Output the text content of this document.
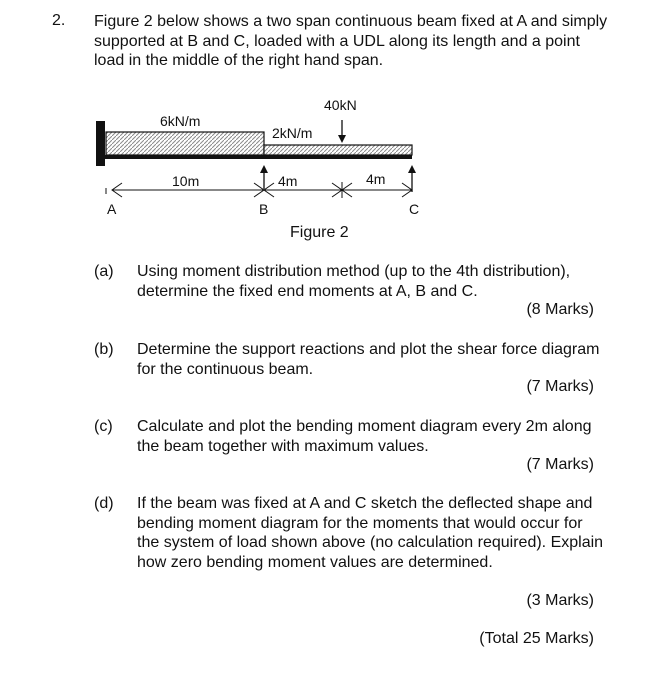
2. Figure 2 below shows a two span continuous beam fixed at A and simply supported at B and C, loaded with a UDL along its length and a point load in the middle of the right hand span.

40kN
6kN/m
2kN/m
10m	4m	4m
A	B	C
Figure 2
(a) Using moment distribution method (up to the 4th distribution), determine the fixed end moments at A, B and C.

(8 Marks)
(b) Determine the support reactions and plot the shear force diagram for the continuous beam.

(7 Marks)
(c) Calculate and plot the bending moment diagram every 2m along the beam together with maximum values.

(7 Marks)
(d) If the beam was fixed at A and C sketch the deflected shape and bending moment diagram for the moments that would occur for the system of load shown above (no calculation required). Explain how zero bending moment values are determined.

(3 Marks)
(Total 25 Marks)
